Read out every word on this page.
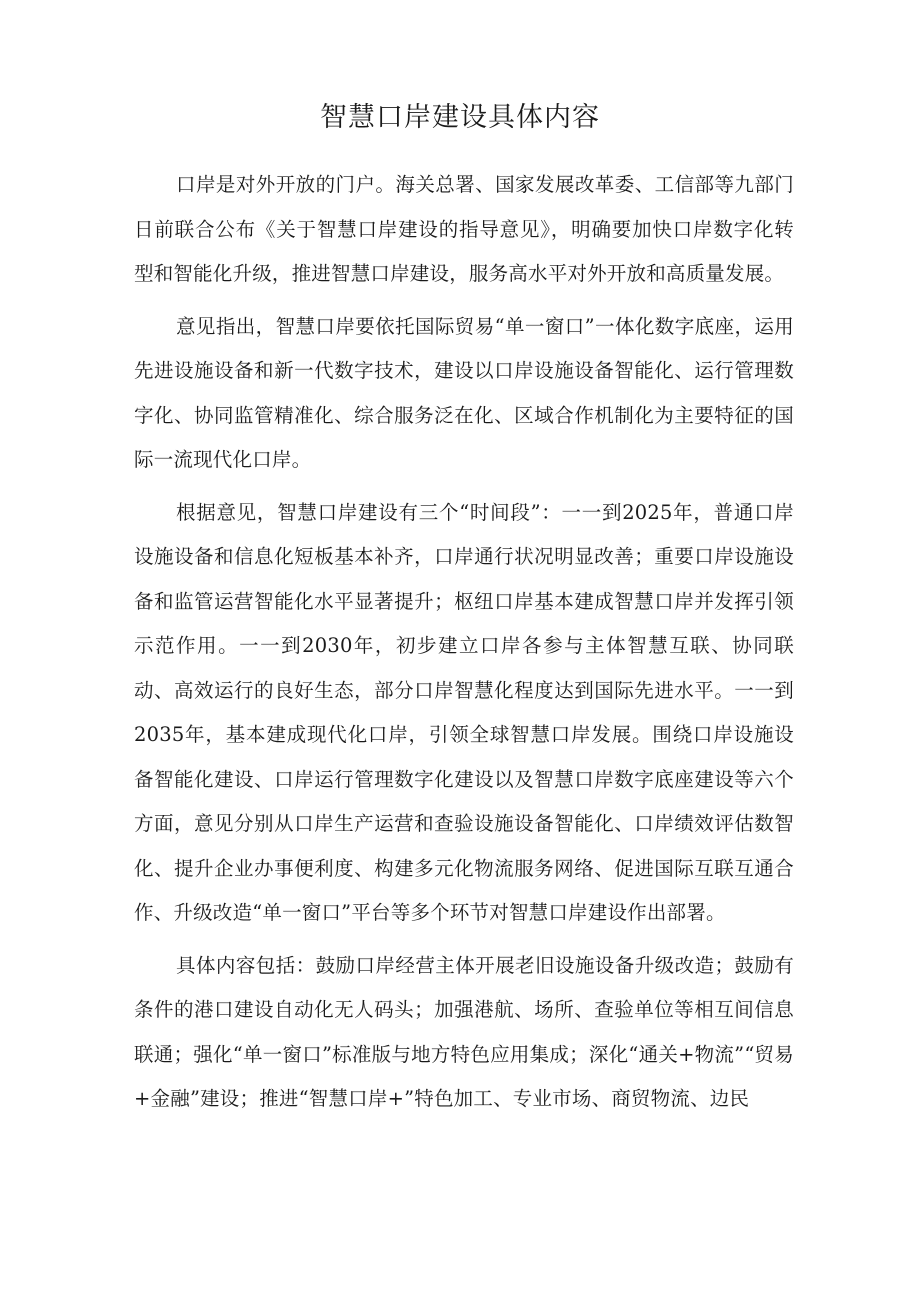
智慧口岸建设具体内容

口岸是对外开放的门户。海关总署、国家发展改革委、工信部等九部门日前联合公布《关于智慧口岸建设的指导意见》，明确要加快口岸数字化转型和智能化升级，推进智慧口岸建设，服务高水平对外开放和高质量发展。

意见指出，智慧口岸要依托国际贸易“单一窗口”一体化数字底座，运用先进设施设备和新一代数字技术，建设以口岸设施设备智能化、运行管理数字化、协同监管精准化、综合服务泛在化、区域合作机制化为主要特征的国际一流现代化口岸。

根据意见，智慧口岸建设有三个“时间段”：一一到2025年，普通口岸设施设备和信息化短板基本补齐，口岸通行状况明显改善；重要口岸设施设备和监管运营智能化水平显著提升；枢纽口岸基本建成智慧口岸并发挥引领示范作用。一一到2030年，初步建立口岸各参与主体智慧互联、协同联动、高效运行的良好生态，部分口岸智慧化程度达到国际先进水平。一一到2035年，基本建成现代化口岸，引领全球智慧口岸发展。围绕口岸设施设备智能化建设、口岸运行管理数字化建设以及智慧口岸数字底座建设等六个方面，意见分别从口岸生产运营和查验设施设备智能化、口岸绩效评估数智化、提升企业办事便利度、构建多元化物流服务网络、促进国际互联互通合作、升级改造“单一窗口”平台等多个环节对智慧口岸建设作出部署。

具体内容包括：鼓励口岸经营主体开展老旧设施设备升级改造；鼓励有条件的港口建设自动化无人码头；加强港航、场所、查验单位等相互间信息联通；强化“单一窗口”标准版与地方特色应用集成；深化“通关+物流”“贸易+金融”建设；推进“智慧口岸+”特色加工、专业市场、商贸物流、边民
